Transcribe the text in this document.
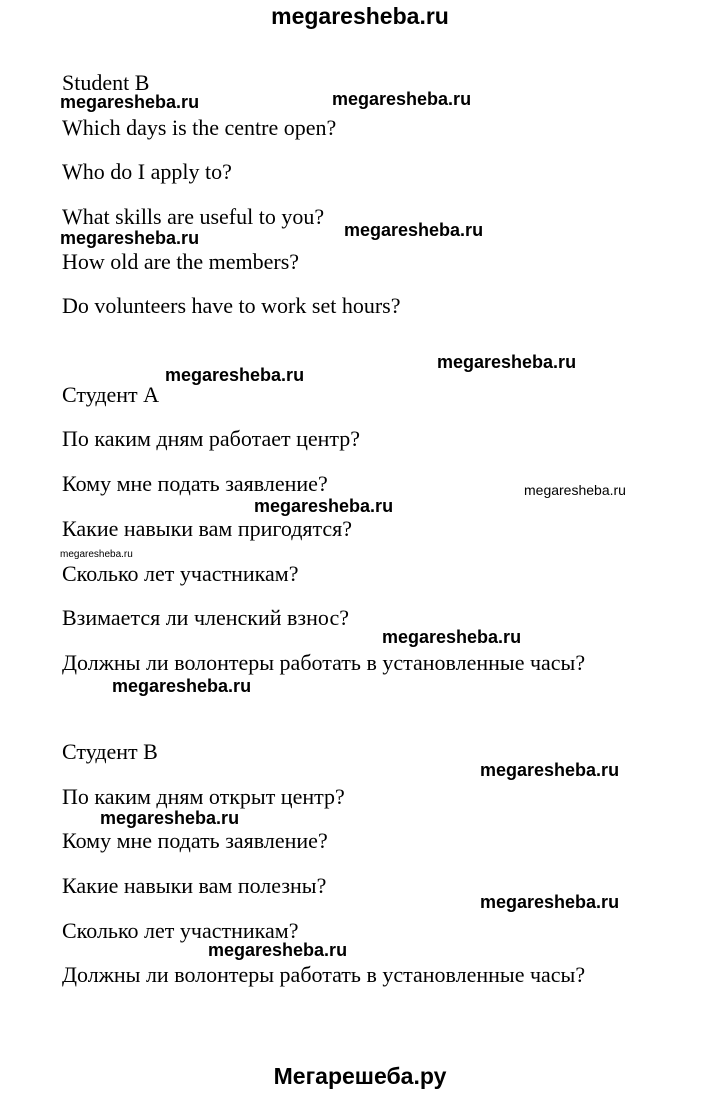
megaresheba.ru
Student B
Which days is the centre open?
Who do I apply to?
What skills are useful to you?
How old are the members?
Do volunteers have to work set hours?
Студент A
По каким дням работает центр?
Кому мне подать заявление?
Какие навыки вам пригодятся?
Сколько лет участникам?
Взимается ли членский взнос?
Должны ли волонтеры работать в установленные часы?
Студент B
По каким дням открыт центр?
Кому мне подать заявление?
Какие навыки вам полезны?
Сколько лет участникам?
Должны ли волонтеры работать в установленные часы?
megaresheba.ru	megaresheba.ru
megaresheba.ru	megaresheba.ru
megaresheba.ru
megaresheba.ru
megaresheba.ru
megaresheba.ru
megaresheba.ru
megaresheba.ru
megaresheba.ru
megaresheba.ru
megaresheba.ru
megaresheba.ru
megaresheba.ru
Мегарешеба.ру
